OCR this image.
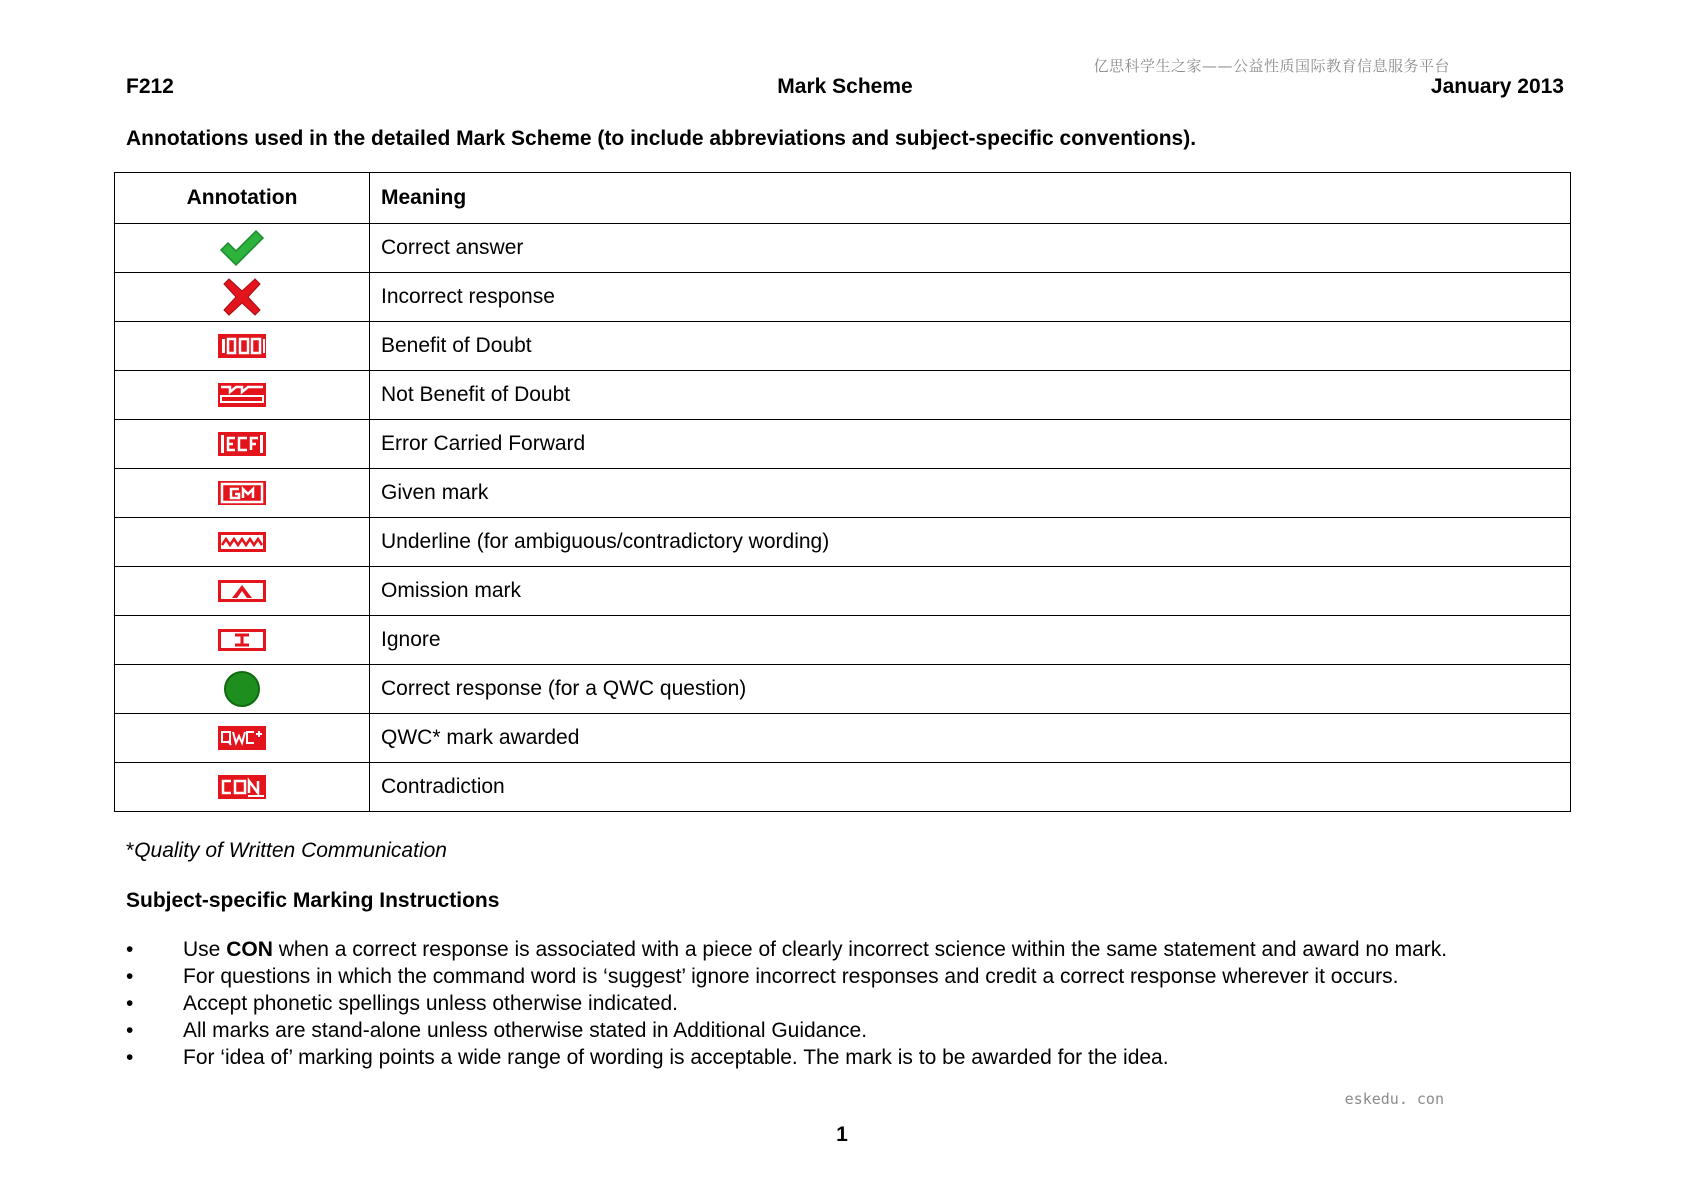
亿思科学生之家——公益性质国际教育信息服务平台
F212	Mark Scheme	January 2013
Annotations used in the detailed Mark Scheme (to include abbreviations and subject-specific conventions).
Annotation	Meaning
	Correct answer
	Incorrect response
	Benefit of Doubt
	Not Benefit of Doubt
	Error Carried Forward
	Given mark
	Underline (for ambiguous/contradictory wording)
	Omission mark
	Ignore
	Correct response (for a QWC question)
	QWC* mark awarded
	Contradiction
*Quality of Written Communication
Subject-specific Marking Instructions
• Use CON when a correct response is associated with a piece of clearly incorrect science within the same statement and award no mark.
• For questions in which the command word is ‘suggest’ ignore incorrect responses and credit a correct response wherever it occurs.
• Accept phonetic spellings unless otherwise indicated.
• All marks are stand-alone unless otherwise stated in Additional Guidance.
• For ‘idea of’ marking points a wide range of wording is acceptable. The mark is to be awarded for the idea.
eskedu. con
1
